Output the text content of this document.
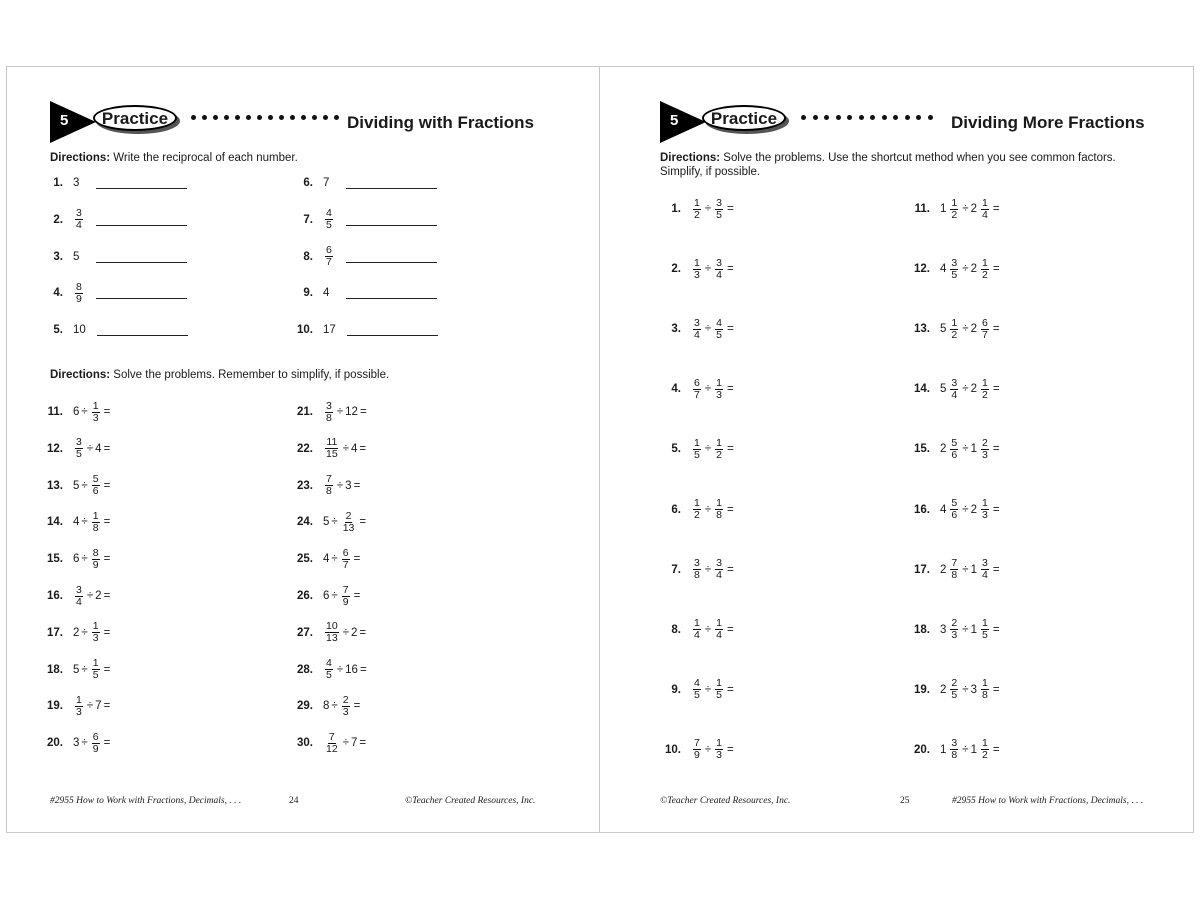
5	Practice	Dividing with Fractions
Directions: Write the reciprocal of each number.
1. 3
2. $\frac{3}{4}$
3. 5
4. $\frac{8}{9}$
5. 10
6. 7
7. $\frac{4}{5}$
8. $\frac{6}{7}$
9. 4
10. 17
Directions: Solve the problems. Remember to simplify, if possible.
11. $6 \div \frac{1}{3}$ =
12. $\frac{3}{5} \div 4$ =
13. $5 \div \frac{5}{6}$ =
14. $4 \div \frac{1}{8}$ =
15. $6 \div \frac{8}{9}$ =
16. $\frac{3}{4} \div 2$ =
17. $2 \div \frac{1}{3}$ =
18. $5 \div \frac{1}{5}$ =
19. $\frac{1}{3} \div 7$ =
20. $3 \div \frac{6}{9}$ =
21. $\frac{3}{8} \div 12$ =
22. $\frac{11}{15} \div 4$ =
23. $\frac{7}{8} \div 3$ =
24. $5 \div \frac{2}{13}$ =
25. $4 \div \frac{6}{7}$ =
26. $6 \div \frac{7}{9}$ =
27. $\frac{10}{13} \div 2$ =
28. $\frac{4}{5} \div 16$ =
29. $8 \div \frac{2}{3}$ =
30. $\frac{7}{12} \div 7$ =
#2955 How to Work with Fractions, Decimals, . . .	24	©Teacher Created Resources, Inc.
5	Practice	Dividing More Fractions
Directions: Solve the problems. Use the shortcut method when you see common factors.
Simplify, if possible.
1. $\frac{1}{2} \div \frac{3}{5}$ =
2. $\frac{1}{3} \div \frac{3}{4}$ =
3. $\frac{3}{4} \div \frac{4}{5}$ =
4. $\frac{6}{7} \div \frac{1}{3}$ =
5. $\frac{1}{5} \div \frac{1}{2}$ =
6. $\frac{1}{2} \div \frac{1}{8}$ =
7. $\frac{3}{8} \div \frac{3}{4}$ =
8. $\frac{1}{4} \div \frac{1}{4}$ =
9. $\frac{4}{5} \div \frac{1}{5}$ =
10. $\frac{7}{9} \div \frac{1}{3}$ =
11. $1 \frac{1}{2} \div 2 \frac{1}{4}$ =
12. $4 \frac{3}{5} \div 2 \frac{1}{2}$ =
13. $5 \frac{1}{2} \div 2 \frac{6}{7}$ =
14. $5 \frac{3}{4} \div 2 \frac{1}{2}$ =
15. $2 \frac{5}{6} \div 1 \frac{2}{3}$ =
16. $4 \frac{5}{6} \div 2 \frac{1}{3}$ =
17. $2 \frac{7}{8} \div 1 \frac{3}{4}$ =
18. $3 \frac{2}{3} \div 1 \frac{1}{5}$ =
19. $2 \frac{2}{5} \div 3 \frac{1}{8}$ =
20. $1 \frac{3}{8} \div 1 \frac{1}{2}$ =
©Teacher Created Resources, Inc.	25	#2955 How to Work with Fractions, Decimals, . . .
